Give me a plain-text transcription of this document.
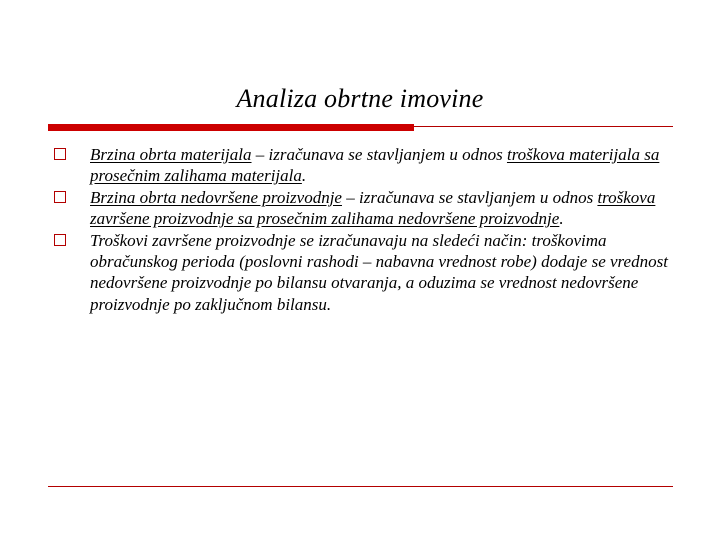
Analiza obrtne imovine
Brzina obrta materijala – izračunava se stavljanjem u odnos troškova materijala sa prosečnim zalihama materijala.
Brzina obrta nedovršene proizvodnje – izračunava se stavljanjem u odnos troškova završene proizvodnje sa prosečnim zalihama nedovršene proizvodnje.
Troškovi završene proizvodnje se izračunavaju na sledeći način: troškovima obračunskog perioda (poslovni rashodi – nabavna vrednost robe) dodaje se vrednost nedovršene proizvodnje po bilansu otvaranja, a oduzima se vrednost nedovršene proizvodnje po zaključnom bilansu.
